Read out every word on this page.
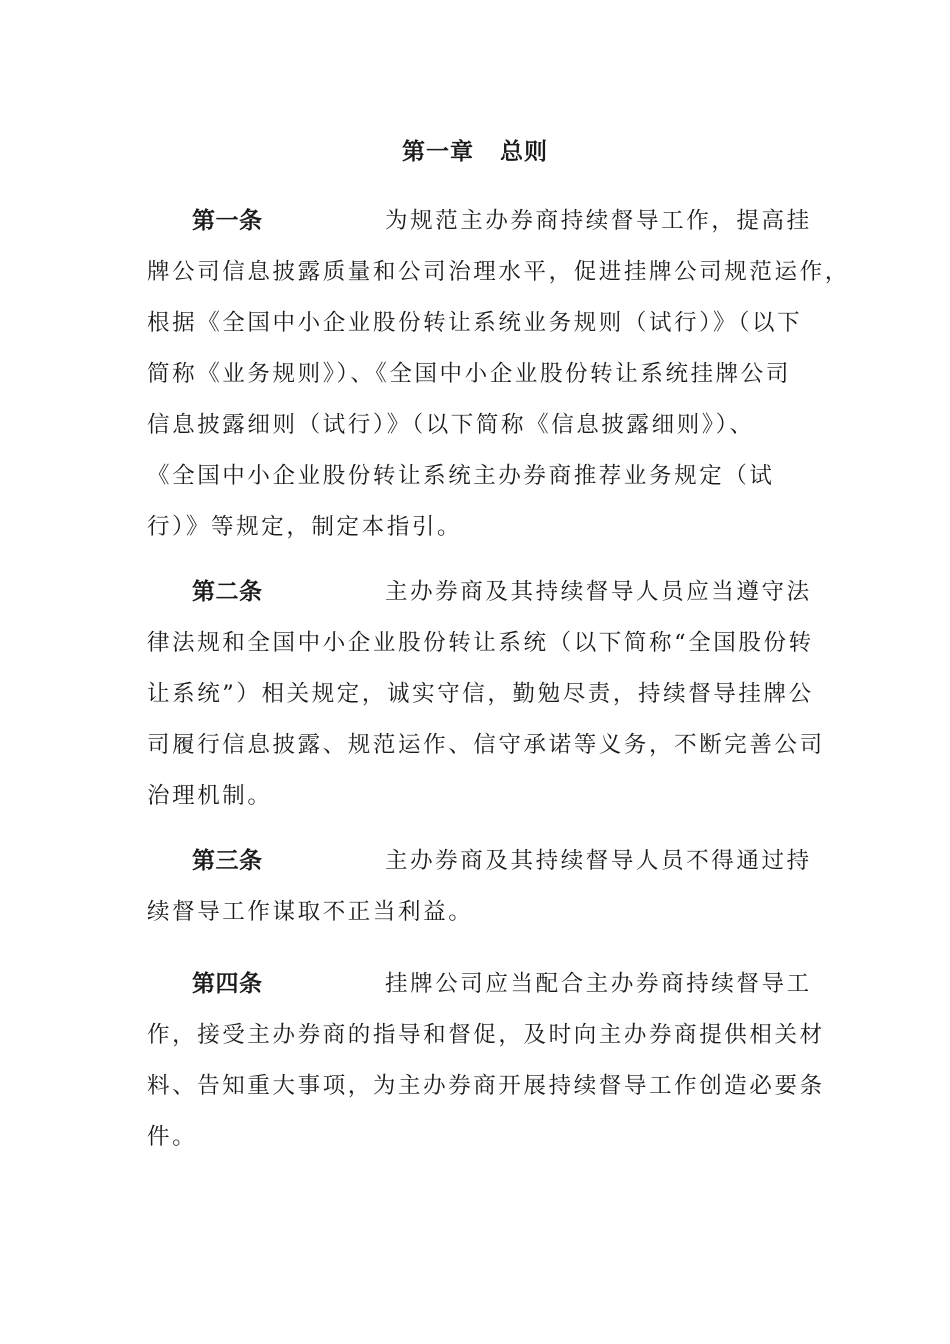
第一章 总则
第一条	为规范主办券商持续督导工作，提高挂
牌公司信息披露质量和公司治理水平，促进挂牌公司规范运作，
根据《全国中小企业股份转让系统业务规则（试行）》（以下
简称《业务规则》）、《全国中小企业股份转让系统挂牌公司
信息披露细则（试行）》（以下简称《信息披露细则》）、
《全国中小企业股份转让系统主办券商推荐业务规定（试
行）》等规定，制定本指引。
第二条	主办券商及其持续督导人员应当遵守法
律法规和全国中小企业股份转让系统（以下简称“全国股份转
让系统”）相关规定，诚实守信，勤勉尽责，持续督导挂牌公
司履行信息披露、规范运作、信守承诺等义务，不断完善公司
治理机制。
第三条	主办券商及其持续督导人员不得通过持
续督导工作谋取不正当利益。
第四条	挂牌公司应当配合主办券商持续督导工
作，接受主办券商的指导和督促，及时向主办券商提供相关材
料、告知重大事项，为主办券商开展持续督导工作创造必要条
件。
